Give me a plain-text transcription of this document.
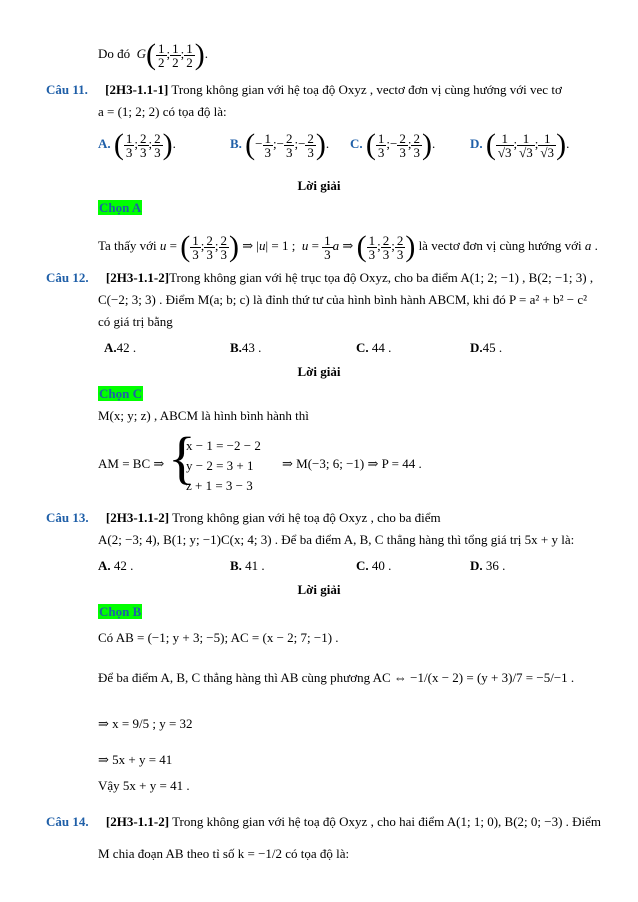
Do đó $G( \frac{1}{2}$ ; $\frac{1}{2}$ ; $\frac{1}{2}$ ).
Câu 11. [2H3-1.1-1] Trong không gian với hệ toạ độ Oxyz , vectơ đơn vị cùng hướng với vec tơ
a = (1; 2; 2) có tọa độ là:
A. ( $\frac{1}{3}$ ; $\frac{2}{3}$ ; $\frac{2}{3}$ ).	B. (− $\frac{1}{3}$ ;− $\frac{2}{3}$ ;− $\frac{2}{3}$ ). C. ( $\frac{1}{3}$ ;− $\frac{2}{3}$ ; $\frac{2}{3}$ ).	D. ( $\frac{1}{√3}$ ; $\frac{1}{√3}$ ; $\frac{1}{√3}$ ).
Lời giải
Chọn A
Ta thấy với u = ( $\frac{1}{3}$ ; $\frac{2}{3}$ ; $\frac{2}{3}$ ) ⇒ |u| = 1 ;  $u = \frac{1}{3}$ a ⇒ ( $\frac{1}{3}$ ; $\frac{2}{3}$ ; $\frac{2}{3}$ ) là vectơ đơn vị cùng hướng với a .
Câu 12. [2H3-1.1-2]Trong không gian với hệ trục tọa độ Oxyz, cho ba điểm A(1; 2; −1) , B(2; −1; 3) ,
C(−2; 3; 3) . Điểm M(a; b; c) là đỉnh thứ tư của hình bình hành ABCM, khi đó P = a² + b² − c²
có giá trị bằng
A.42 .	B.43 .	C. 44 .	D.45 .
Lời giải
Chọn C
M(x; y; z) , ABCM là hình bình hành thì
AM = BC ⇒ {
x − 1 = −2 − 2
y − 2 = 3 + 1
z + 1 = 3 − 3
⇒ M(−3; 6; −1) ⇒ P = 44 .
Câu 13. [2H3-1.1-2] Trong không gian với hệ toạ độ Oxyz , cho ba điểm
A(2; −3; 4), B(1; y; −1)C(x; 4; 3) . Để ba điểm A, B, C thẳng hàng thì tổng giá trị 5x + y là:
A. 42 .	B. 41 .	C. 40 .	D. 36 .
Lời giải
Chọn B
Có AB = (−1; y + 3; −5); AC = (x − 2; 7; −1) .
Để ba điểm A, B, C thẳng hàng thì AB cùng phương AC ⇔ −1/(x − 2) = (y + 3)/7 = −5/−1 .
⇒ x = 9/5 ; y = 32
⇒ 5x + y = 41
Vậy 5x + y = 41 .
Câu 14. [2H3-1.1-2] Trong không gian với hệ toạ độ Oxyz , cho hai điểm A(1; 1; 0), B(2; 0; −3) . Điểm
M chia đoạn AB theo tỉ số k = −1/2 có tọa độ là:
